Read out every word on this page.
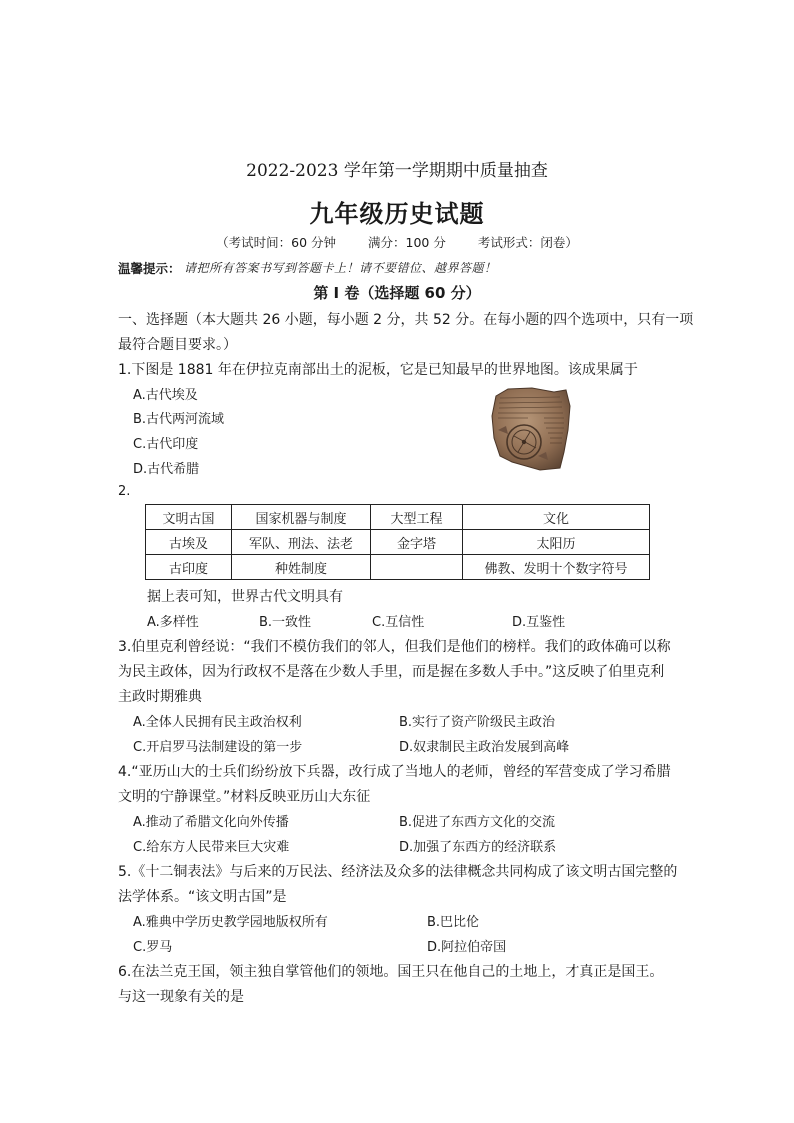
2022-2023 学年第一学期期中质量抽查
九年级历史试题
（考试时间：60 分钟	满分：100 分	考试形式：闭卷）
温馨提示： 请把所有答案书写到答题卡上！请不要错位、越界答题！
第 I 卷（选择题 60 分）
一、选择题（本大题共 26 小题，每小题 2 分，共 52 分。在每小题的四个选项中，只有一项
最符合题目要求。）
1.下图是 1881 年在伊拉克南部出土的泥板，它是已知最早的世界地图。该成果属于
A.古代埃及
B.古代两河流域
C.古代印度
D.古代希腊
2.
文明古国	国家机器与制度	大型工程	文化
古埃及	军队、刑法、法老	金字塔	太阳历
古印度	种姓制度		佛教、发明十个数字符号
据上表可知，世界古代文明具有
A.多样性	B.一致性	C.互信性	D.互鉴性
3.伯里克利曾经说：“我们不模仿我们的邻人，但我们是他们的榜样。我们的政体确可以称
为民主政体，因为行政权不是落在少数人手里，而是握在多数人手中。”这反映了伯里克利
主政时期雅典
A.全体人民拥有民主政治权利	B.实行了资产阶级民主政治
C.开启罗马法制建设的第一步	D.奴隶制民主政治发展到高峰
4.“亚历山大的士兵们纷纷放下兵器，改行成了当地人的老师，曾经的军营变成了学习希腊
文明的宁静课堂。”材料反映亚历山大东征
A.推动了希腊文化向外传播	B.促进了东西方文化的交流
C.给东方人民带来巨大灾难	D.加强了东西方的经济联系
5.《十二铜表法》与后来的万民法、经济法及众多的法律概念共同构成了该文明古国完整的
法学体系。“该文明古国”是
A.雅典中学历史教学园地版权所有	B.巴比伦
C.罗马	D.阿拉伯帝国
6.在法兰克王国，领主独自掌管他们的领地。国王只在他自己的土地上，才真正是国王。
与这一现象有关的是
